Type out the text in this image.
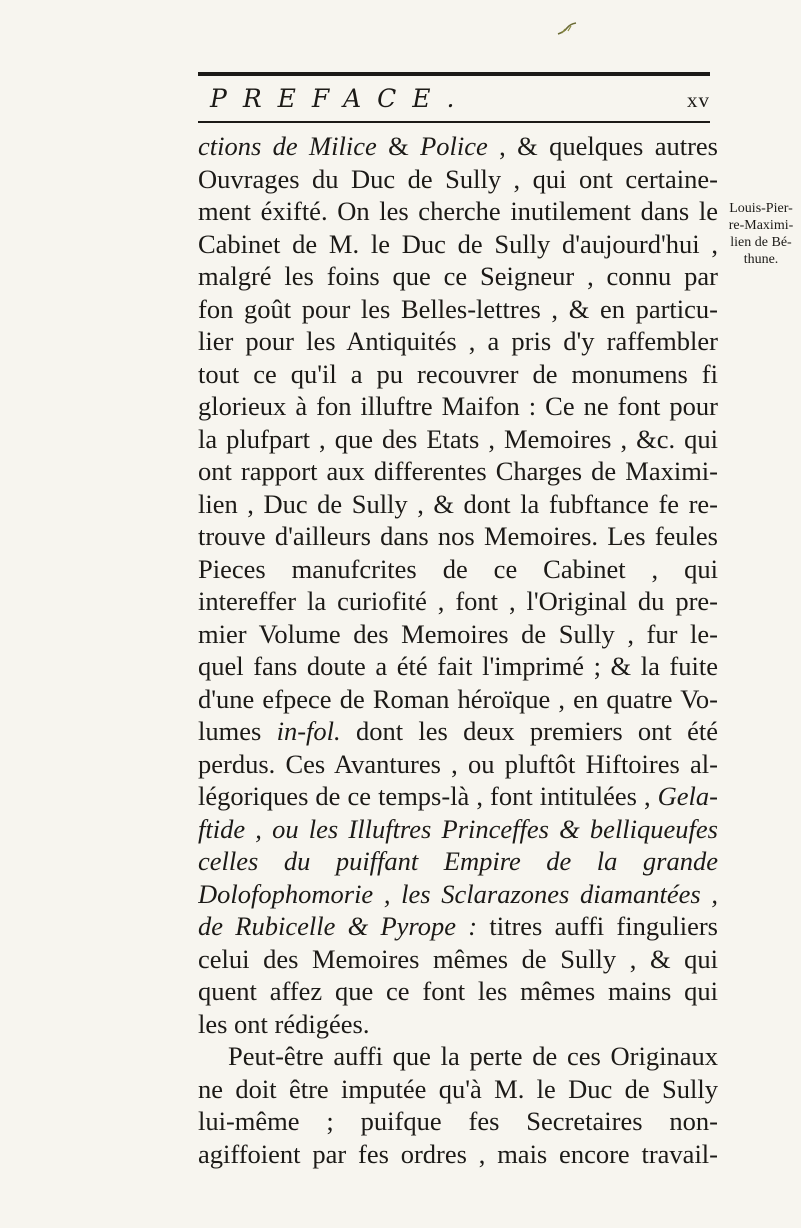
PREFACE.	xv
ctions de Milice & Police , & quelques autres
Ouvrages du Duc de Sully , qui ont certaine-
ment éxifté. On les cherche inutilement dans le
Cabinet de M. le Duc de Sully d'aujourd'hui ,
malgré les foins que ce Seigneur , connu par
fon goût pour les Belles-lettres , & en particu-
lier pour les Antiquités , a pris d'y raffembler
tout ce qu'il a pu recouvrer de monumens fi
glorieux à fon illuftre Maifon : Ce ne font pour
la plufpart , que des Etats , Memoires , &c. qui
ont rapport aux differentes Charges de Maximi-
lien , Duc de Sully , & dont la fubftance fe re-
trouve d'ailleurs dans nos Memoires. Les feules
Pieces manufcrites de ce Cabinet , qui
intereffer la curiofité , font , l'Original du pre-
mier Volume des Memoires de Sully , fur le-
quel fans doute a été fait l'imprimé ; & la fuite
d'une efpece de Roman héroïque , en quatre Vo-
lumes in-fol. dont les deux premiers ont été
perdus. Ces Avantures , ou pluftôt Hiftoires al-
légoriques de ce temps-là , font intitulées , Gela-
ftide , ou les Illuftres Princeffes & belliqueufes
celles du puiffant Empire de la grande
Dolofophomorie , les Sclarazones diamantées ,
de Rubicelle & Pyrope : titres auffi finguliers
celui des Memoires mêmes de Sully , & qui
quent affez que ce font les mêmes mains qui
les ont rédigées.
Peut-être auffi que la perte de ces Originaux
ne doit être imputée qu'à M. le Duc de Sully
lui-même ; puifque fes Secretaires non-
agiffoient par fes ordres , mais encore travail-
Louis-Pier-
re-Maximi-
lien de Bé-
thune.
